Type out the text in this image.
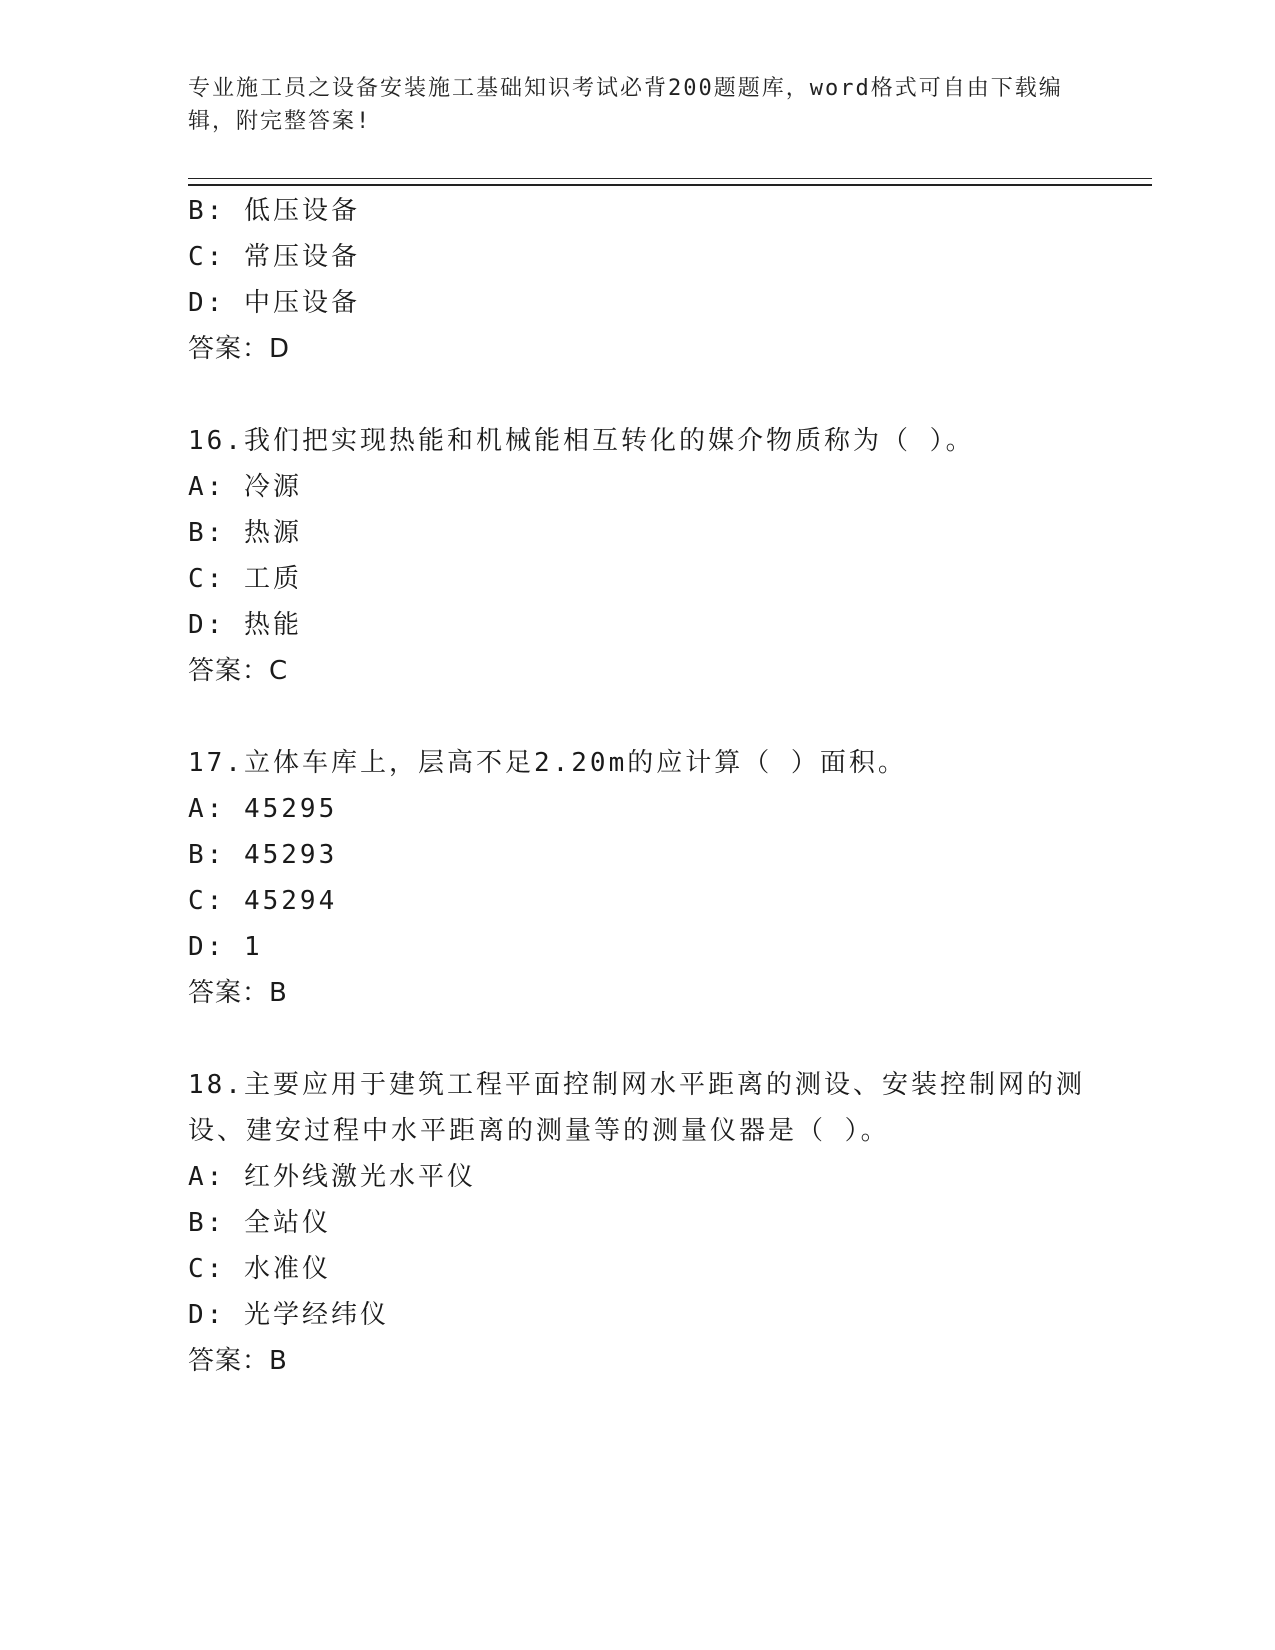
专业施工员之设备安装施工基础知识考试必背200题题库，word格式可自由下载编辑，附完整答案!
B: 低压设备
C: 常压设备
D: 中压设备
答案：D
16.我们把实现热能和机械能相互转化的媒介物质称为（ ）。
A: 冷源
B: 热源
C: 工质
D: 热能
答案：C
17.立体车库上，层高不足2.20m的应计算（ ）面积。
A: 45295
B: 45293
C: 45294
D: 1
答案：B
18.主要应用于建筑工程平面控制网水平距离的测设、安装控制网的测设、建安过程中水平距离的测量等的测量仪器是（ ）。
A: 红外线激光水平仪
B: 全站仪
C: 水准仪
D: 光学经纬仪
答案：B
